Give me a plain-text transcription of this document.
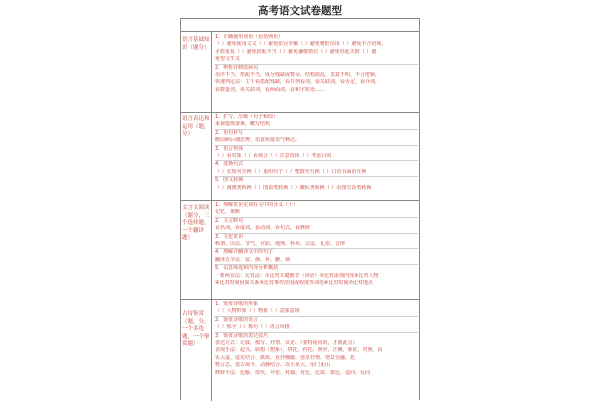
高考语文试卷题型
语言基础知识（题分）
1．正确使用词语（包括熟语）
（ ）避免使用文义（ ）避免张冠李戴（ ）避免褒贬误用（ ）避免不合语境，
矛盾重复（ ）避免搭配不当（ ）避免谦敬错位（ ）避免轻此失彼（ ）避
免望文生义
2．辨析并修改病句
语序不当、搭配不当、成分残缺或赘余、结构混乱、表意不明、不合逻辑，
快速判定法：主干看搭配残缺，看并列看词，看关联词，看否定，看介词，
看数量词，看关联词，看两面词，看和字短语……
语言表达和运用（题，分）
1．扩写、压缩（句子和段）
重视提炼要素，概写结构
2．语句补写
瞻前顾后细思辨，语意衔接语气畅达。
3．语言得体
（ ）看对象（ ）看场合（ ）注意语体（ ）考虑目的
4．变换句式
（ ）长短句互换（ ）重组句子（ ）整散句互换（ ）口语书面语互换
5．图文转换
（ ）漫画类转换（ ）图表类转换（ ）徽标类转换（ ）看图写话类转换
文言文阅读（题分，三个选择题，一个翻译题）
1．理解常见实词在文中的含义（个）
记忆、推断
2．文言断句
看名词，看虚词，看动词，看句式，看修辞
3．文化常识
称谓、历法、节气、官职、地理、科举、宗法、礼俗、音律
4．理解并翻译文中的句子
翻译五字法：留、换、补、删、调
5．信息筛选和内容分析概括
一析两非法：比对法：①比对关键细节（词语）②比对添加内容③比对人物
④比对时间因果关系⑤比对事件范围或程度等词语⑥比对时间⑦比对地点
古诗鉴赏（题，分，一个多选题，一个鉴赏题）
1．鉴赏诗歌的形象
（ ）人物形象（ ）物象（ ）意象意境
2．鉴赏诗歌的语言
（ ）炼字（ ）炼句（ ）语言风格
3．鉴赏诗歌的表达技巧
表达方式：记叙、描写、抒情、议论、（要特别同的，才到此点）
表现手法：起兴、联想（想象）、烘托、衬托、照应、正侧、象征、对照、由
实入虚、虚实结合、典故、直抒胸臆、借景抒情、情景交融、托
物言志、借古讽今、动静结合、以小见大、用门见山
修辞手法：比喻、借代、夸张、对偶、对比、比拟、排比、设问、反问
